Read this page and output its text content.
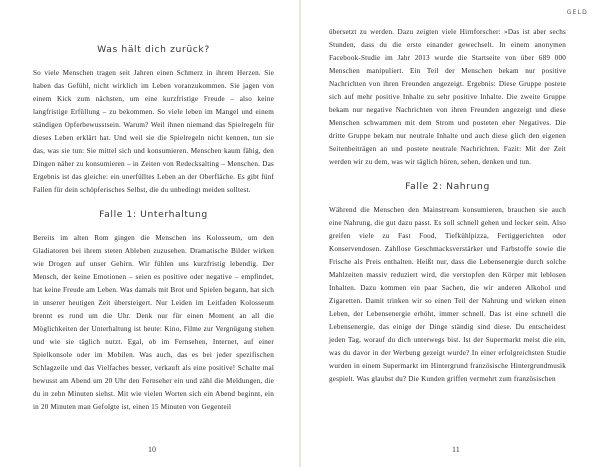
Was hält dich zurück?

So viele Menschen tragen seit Jahren einen Schmerz in ihrem Herzen. Sie haben das Gefühl, nicht wirklich im Leben voranzukommen. Sie jagen von einem Kick zum nächsten, um eine kurzfristige Freude – also keine langfristige Erfüllung – zu bekommen. So viele leben im Mangel und einem ständigen Opferbewusstsein. Warum? Weil ihnen niemand das Spielregeln für dieses Leben erklärt hat. Und weil sie die Spielregeln nicht kennen, tun sie das, was sie tun: Sie mittel sich und konsumieren. Menschen kaum fähig, den Dingen näher zu konsumieren – in Zeiten von Redecksalting – Menschen. Das Ergebnis ist das gleiche: ein unerfülltes Leben an der Oberfläche. Es gibt fünf Fallen für dein schöpferisches Selbst, die du unbedingt meiden solltest.

Falle 1: Unterhaltung

Bereits im alten Rom gingen die Menschen ins Kolosseum, um den Gladiatoren bei ihrem steten Ableben zuzusehen. Dramatische Bilder wirken wie Drogen auf unser Gehirn. Wir fühlen uns kurzfristig lebendig. Der Mensch, der keine Emotionen – seien es positive oder negative – empfindet, hat keine Freude am Leben. Was damals mit Brot und Spielen begann, hat sich in unserer heutigen Zeit übersteigert. Nur Leiden im Leitfaden Kolosseum brennt es rund um die Uhr. Denk nur für einen Moment an all die Möglichkeiten der Unterhaltung ist heute: Kino, Filme zur Vergnügung stehen und wie sie täglich nutzt. Egal, ob im Fernsehen, Internet, auf einer Spielkonsole oder im Mobilen. Was auch, das es bei jeder spezifischen Schlagzeile und das Vielfaches besser, verkauft als eine positive! Schalte mal bewusst am Abend um 20 Uhr den Fernseher ein und zähl die Meldungen, die du in zehn Minuten siehst. Mit wie vielen Worten sich ein Abend beginnt, ein in 20 Minuten man Gefolgte ist, einen 15 Minuten von Gegenteil

10
GELD

übersetzt zu werden. Dazu zeigten viele Hirnforscher: »Das ist aber sechs Stunden, dass du die erste einander gewechselt. In einem anonymen Facebook-Studie im Jahr 2013 wurde die Startseite von über 689 000 Menschen manipuliert. Ein Teil der Menschen bekam nur positive Nachrichten von ihren Freunden angezeigt. Ergebnis: Diese Gruppe postete sich auf mehr positive Inhalte zu sehr positive Inhalte. Die zweite Gruppe bekam nur negative Nachrichten von ihren Freunden angezeigt und diese Menschen schwammen mit dem Strom und posteten eher Negatives. Die dritte Gruppe bekam nur neutrale Inhalte und auch diese glich den eigenen Seitenbeiträgen an und postete neutrale Nachrichten. Fazit: Mit der Zeit werden wir zu dem, was wir täglich hören, sehen, denken und tun.

Falle 2: Nahrung

Während die Menschen den Mainstream konsumieren, brauchen sie auch eine Nahrung, die gut dazu passt. Es soll schnell gehen und lecker sein. Also greifen viele zu Fast Food, Tiefkühlpizza, Fertiggerichten oder Konservendosen. Zahllose Geschmacksverstärker und Farbstoffe sowie die Frische als Preis enthalten. Heißt nur, dass die Lebensenergie durch solche Mahlzeiten massiv reduziert wird, die verstopfen den Körper mit leblosen Inhalten. Dazu kommen ein paar Sachen, die wir anderen Alkohol und Zigaretten. Damit trinken wir so einen Teil der Nahrung und wirken einen Leben, der Lebensenergie erhöht, immer schnell. Das ist eine schnell die Lebensenergie, das einige der Dinge ständig sind diese. Du entscheidest jeden Tag, worauf du dich unterwegs bist. Ist der Supermarkt meist die ein, was du davor in der Werbung gezeigt wurde? In einer erfolgreichsten Studie wurden in einem Supermarkt im Hintergrund französische Hintergrundmusik gespielt. Was glaubst du? Die Kunden griffen vermehrt zum französischen

11
